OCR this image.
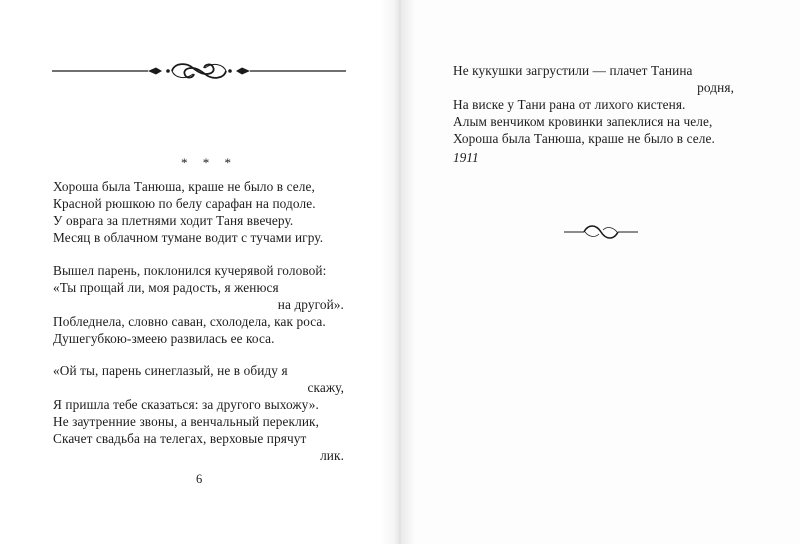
* * *
Хороша была Танюша, краше не было в селе,
Красной рюшкою по белу сарафан на подоле.
У оврага за плетнями ходит Таня ввечеру.
Месяц в облачном тумане водит с тучами игру.
Вышел парень, поклонился кучерявой головой:
«Ты прощай ли, моя радость, я женюся
на другой».
Побледнела, словно саван, схолодела, как роса.
Душегубкою-змеею развилась ее коса.
«Ой ты, парень синеглазый, не в обиду я
скажу,
Я пришла тебе сказаться: за другого выхожу».
Не заутренние звоны, а венчальный переклик,
Скачет свадьба на телегах, верховые прячут
лик.
6
Не кукушки загрустили — плачет Танина
родня,
На виске у Тани рана от лихого кистеня.
Алым венчиком кровинки запеклися на челе,
Хороша была Танюша, краше не было в селе.
1911
